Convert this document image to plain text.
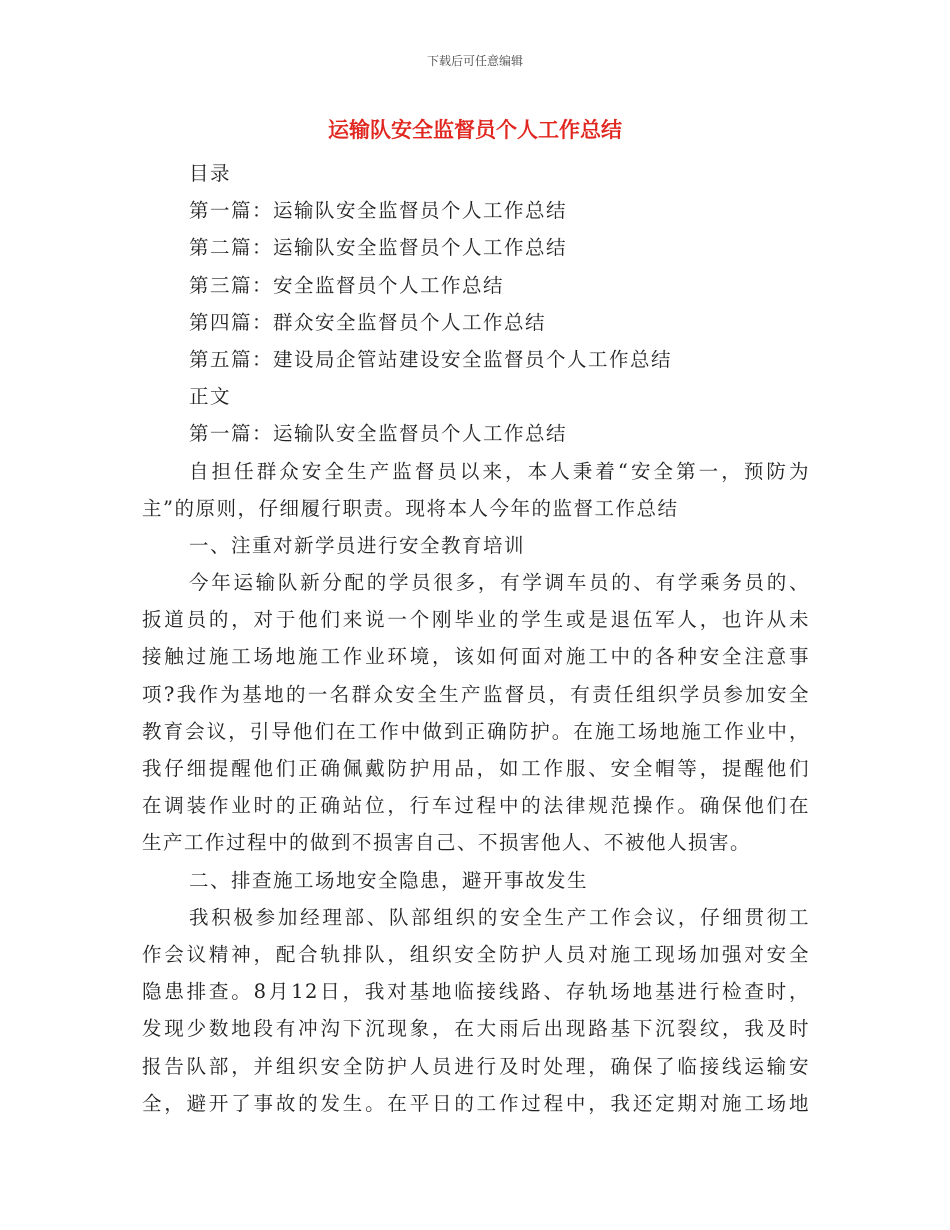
下载后可任意编辑
运输队安全监督员个人工作总结
目录
第一篇：运输队安全监督员个人工作总结
第二篇：运输队安全监督员个人工作总结
第三篇：安全监督员个人工作总结
第四篇：群众安全监督员个人工作总结
第五篇：建设局企管站建设安全监督员个人工作总结
正文
第一篇：运输队安全监督员个人工作总结
自担任群众安全生产监督员以来，本人秉着“安全第一，预防为
主”的原则，仔细履行职责。现将本人今年的监督工作总结
一、注重对新学员进行安全教育培训
今年运输队新分配的学员很多，有学调车员的、有学乘务员的、
扳道员的，对于他们来说一个刚毕业的学生或是退伍军人，也许从未
接触过施工场地施工作业环境，该如何面对施工中的各种安全注意事
项?我作为基地的一名群众安全生产监督员，有责任组织学员参加安全
教育会议，引导他们在工作中做到正确防护。在施工场地施工作业中，
我仔细提醒他们正确佩戴防护用品，如工作服、安全帽等，提醒他们
在调装作业时的正确站位，行车过程中的法律规范操作。确保他们在
生产工作过程中的做到不损害自己、不损害他人、不被他人损害。
二、排查施工场地安全隐患，避开事故发生
我积极参加经理部、队部组织的安全生产工作会议，仔细贯彻工
作会议精神，配合轨排队，组织安全防护人员对施工现场加强对安全
隐患排查。8月12日，我对基地临接线路、存轨场地基进行检查时，
发现少数地段有冲沟下沉现象，在大雨后出现路基下沉裂纹，我及时
报告队部，并组织安全防护人员进行及时处理，确保了临接线运输安
全，避开了事故的发生。在平日的工作过程中，我还定期对施工场地
